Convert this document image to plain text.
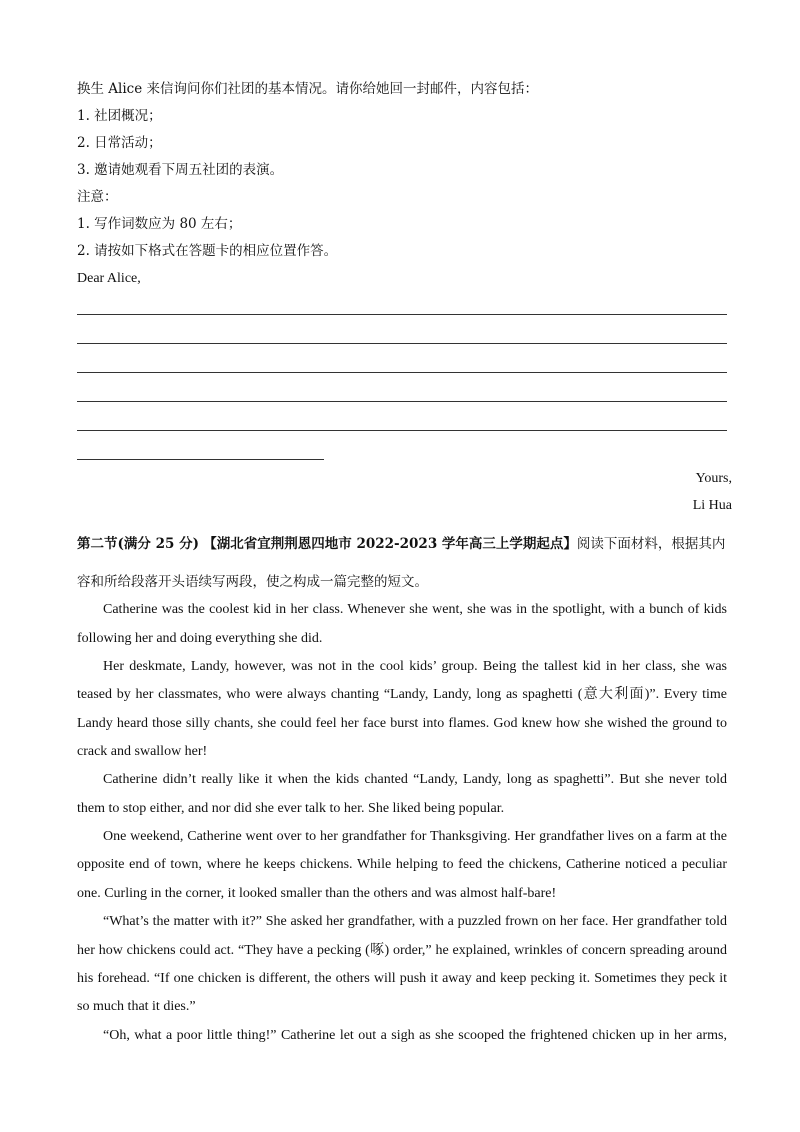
换生 Alice 来信询问你们社团的基本情况。请你给她回一封邮件，内容包括：
1. 社团概况；
2. 日常活动；
3. 邀请她观看下周五社团的表演。
注意：
1. 写作词数应为 80 左右；
2. 请按如下格式在答题卡的相应位置作答。
Dear Alice,
Yours,
Li Hua
第二节(满分 25 分) 【湖北省宜荆荆恩四地市 2022-2023 学年高三上学期起点】阅读下面材料，根据其内
容和所给段落开头语续写两段，使之构成一篇完整的短文。
Catherine was the coolest kid in her class. Whenever she went, she was in the spotlight, with a bunch of kids
following her and doing everything she did.
Her deskmate, Landy, however, was not in the cool kids’ group. Being the tallest kid in her class, she was
teased by her classmates, who were always chanting “Landy, Landy, long as spaghetti (意大利面)”. Every time
Landy heard those silly chants, she could feel her face burst into flames. God knew how she wished the ground to
crack and swallow her!
Catherine didn’t really like it when the kids chanted “Landy, Landy, long as spaghetti”. But she never told
them to stop either, and nor did she ever talk to her. She liked being popular.
One weekend, Catherine went over to her grandfather for Thanksgiving. Her grandfather lives on a farm at the
opposite end of town, where he keeps chickens. While helping to feed the chickens, Catherine noticed a peculiar
one. Curling in the corner, it looked smaller than the others and was almost half-bare!
“What’s the matter with it?” She asked her grandfather, with a puzzled frown on her face. Her grandfather told
her how chickens could act. “They have a pecking (啄) order,” he explained, wrinkles of concern spreading around
his forehead. “If one chicken is different, the others will push it away and keep pecking it. Sometimes they peck it
so much that it dies.”
“Oh, what a poor little thing!” Catherine let out a sigh as she scooped the frightened chicken up in her arms,
